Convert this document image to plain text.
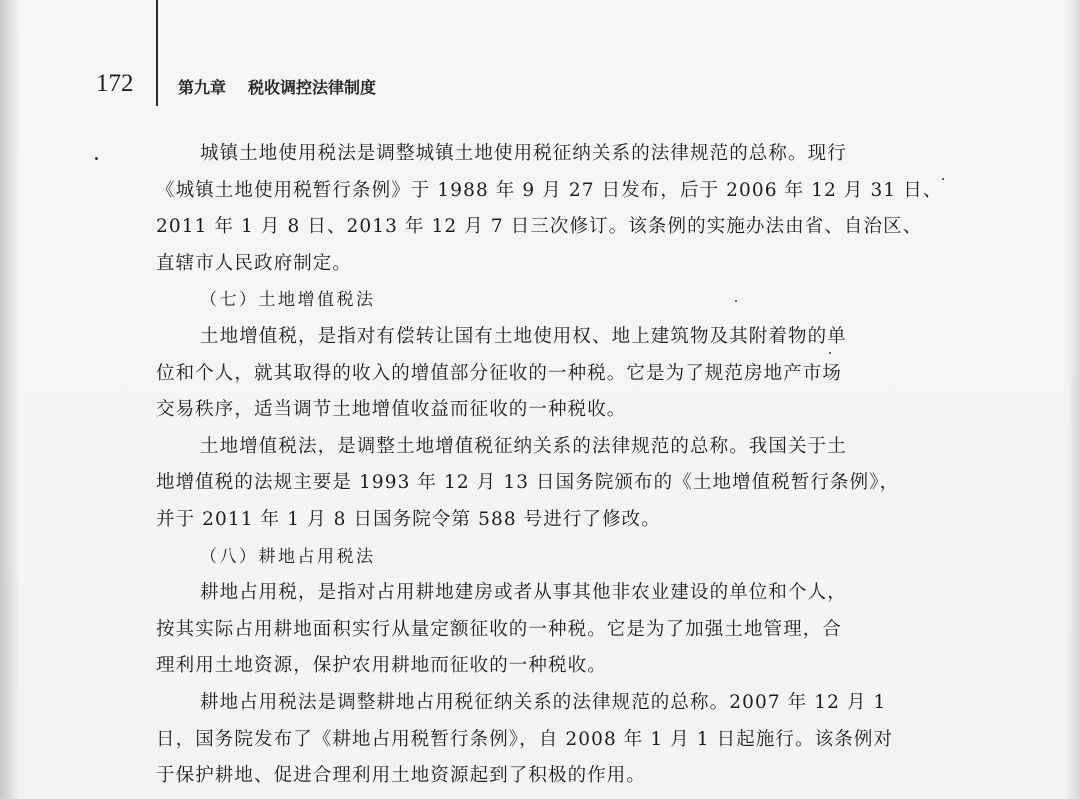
172	第九章 税收调控法律制度
城镇土地使用税法是调整城镇土地使用税征纳关系的法律规范的总称。现行
《城镇土地使用税暂行条例》于 1988 年 9 月 27 日发布，后于 2006 年 12 月 31 日、
2011 年 1 月 8 日、2013 年 12 月 7 日三次修订。该条例的实施办法由省、自治区、
直辖市人民政府制定。
（七）土地增值税法
土地增值税，是指对有偿转让国有土地使用权、地上建筑物及其附着物的单
位和个人，就其取得的收入的增值部分征收的一种税。它是为了规范房地产市场
交易秩序，适当调节土地增值收益而征收的一种税收。
土地增值税法，是调整土地增值税征纳关系的法律规范的总称。我国关于土
地增值税的法规主要是 1993 年 12 月 13 日国务院颁布的《土地增值税暂行条例》，
并于 2011 年 1 月 8 日国务院令第 588 号进行了修改。
（八）耕地占用税法
耕地占用税，是指对占用耕地建房或者从事其他非农业建设的单位和个人，
按其实际占用耕地面积实行从量定额征收的一种税。它是为了加强土地管理，合
理利用土地资源，保护农用耕地而征收的一种税收。
耕地占用税法是调整耕地占用税征纳关系的法律规范的总称。2007 年 12 月 1
日，国务院发布了《耕地占用税暂行条例》，自 2008 年 1 月 1 日起施行。该条例对
于保护耕地、促进合理利用土地资源起到了积极的作用。
